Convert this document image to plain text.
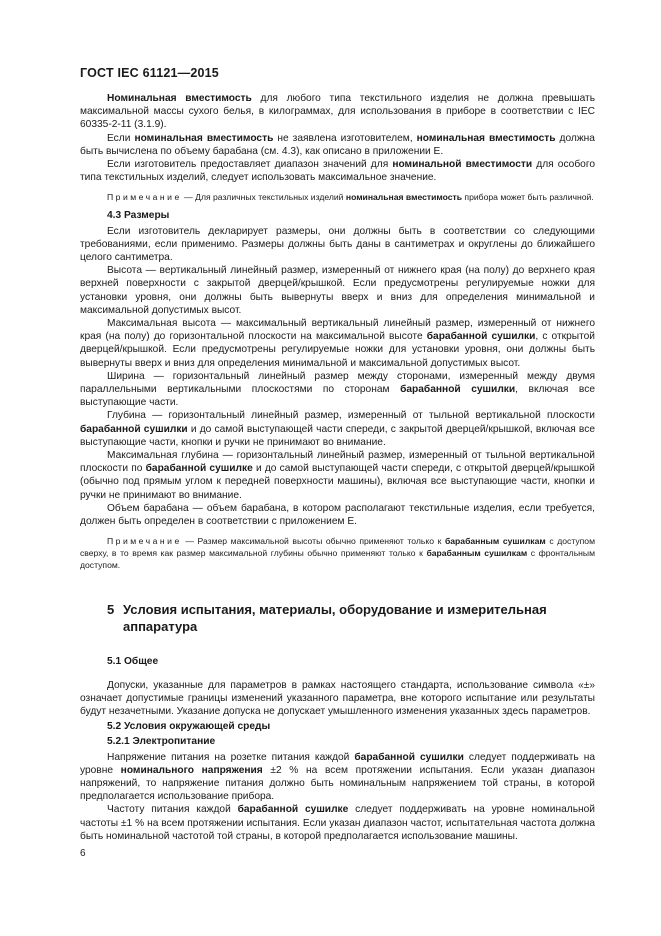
ГОСТ IEC 61121—2015

Номинальная вместимость для любого типа текстильного изделия не должна превышать максимальной массы сухого белья, в килограммах, для использования в приборе в соответствии с IEC 60335-2-11 (3.1.9).

Если номинальная вместимость не заявлена изготовителем, номинальная вместимость должна быть вычислена по объему барабана (см. 4.3), как описано в приложении Е.

Если изготовитель предоставляет диапазон значений для номинальной вместимости для особого типа текстильных изделий, следует использовать максимальное значение.

Примечание — Для различных текстильных изделий номинальная вместимость прибора может быть различной.

4.3 Размеры

Если изготовитель декларирует размеры, они должны быть в соответствии со следующими требованиями, если применимо. Размеры должны быть даны в сантиметрах и округлены до ближайшего целого сантиметра.

Высота — вертикальный линейный размер, измеренный от нижнего края (на полу) до верхнего края верхней поверхности с закрытой дверцей/крышкой. Если предусмотрены регулируемые ножки для установки уровня, они должны быть вывернуты вверх и вниз для определения минимальной и максимальной допустимых высот.

Максимальная высота — максимальный вертикальный линейный размер, измеренный от нижнего края (на полу) до горизонтальной плоскости на максимальной высоте барабанной сушилки, с открытой дверцей/крышкой. Если предусмотрены регулируемые ножки для установки уровня, они должны быть вывернуты вверх и вниз для определения минимальной и максимальной допустимых высот.

Ширина — горизонтальный линейный размер между сторонами, измеренный между двумя параллельными вертикальными плоскостями по сторонам барабанной сушилки, включая все выступающие части.

Глубина — горизонтальный линейный размер, измеренный от тыльной вертикальной плоскости барабанной сушилки и до самой выступающей части спереди, с закрытой дверцей/крышкой, включая все выступающие части, кнопки и ручки не принимают во внимание.

Максимальная глубина — горизонтальный линейный размер, измеренный от тыльной вертикальной плоскости по барабанной сушилке и до самой выступающей части спереди, с открытой дверцей/крышкой (обычно под прямым углом к передней поверхности машины), включая все выступающие части, кнопки и ручки не принимают во внимание.

Объем барабана — объем барабана, в котором располагают текстильные изделия, если требуется, должен быть определен в соответствии с приложением Е.

Примечание — Размер максимальной высоты обычно применяют только к барабанным сушилкам с доступом сверху, в то время как размер максимальной глубины обычно применяют только к барабанным сушилкам с фронтальным доступом.

5 Условия испытания, материалы, оборудование и измерительная аппаратура

5.1 Общее

Допуски, указанные для параметров в рамках настоящего стандарта, использование символа «±» означает допустимые границы изменений указанного параметра, вне которого испытание или результаты будут незачетными. Указание допуска не допускает умышленного изменения указанных здесь параметров.

5.2 Условия окружающей среды

5.2.1 Электропитание

Напряжение питания на розетке питания каждой барабанной сушилки следует поддерживать на уровне номинального напряжения ±2 % на всем протяжении испытания. Если указан диапазон напряжений, то напряжение питания должно быть номинальным напряжением той страны, в которой предполагается использование прибора.

Частоту питания каждой барабанной сушилке следует поддерживать на уровне номинальной частоты ±1 % на всем протяжении испытания. Если указан диапазон частот, испытательная частота должна быть номинальной частотой той страны, в которой предполагается использование машины.

6
